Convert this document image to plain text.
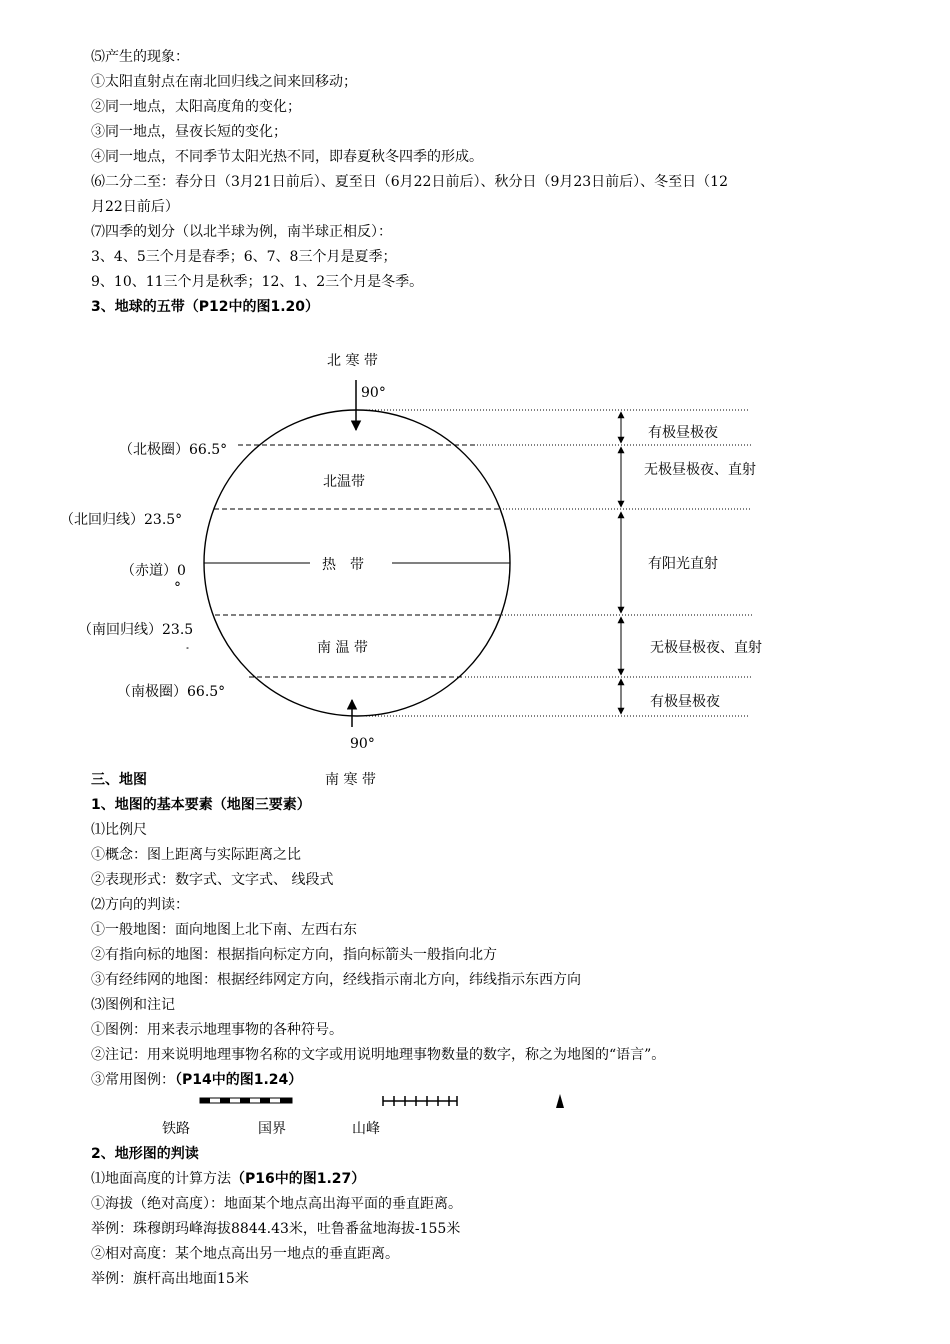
⑸产生的现象：
①太阳直射点在南北回归线之间来回移动；
②同一地点，太阳高度角的变化；
③同一地点，昼夜长短的变化；
④同一地点，不同季节太阳光热不同，即春夏秋冬四季的形成。
⑹二分二至：春分日（3月21日前后）、夏至日（6月22日前后）、秋分日（9月23日前后）、冬至日（12
月22日前后）
⑺四季的划分（以北半球为例，南半球正相反）：
3、4、5三个月是春季；6、7、8三个月是夏季；
9、10、11三个月是秋季；12、1、2三个月是冬季。
3、地球的五带（P12中的图1.20）
北 寒 带
90°
（北极圈）66.5°
（北回归线）23.5°
（赤道）0
°
（南回归线）23.5
°
（南极圈）66.5°
北温带
热　带
南 温 带
90°
有极昼极夜
无极昼极夜、直射
有阳光直射
无极昼极夜、直射
有极昼极夜
三、地图	南 寒 带
1、地图的基本要素（地图三要素）
⑴比例尺
①概念：图上距离与实际距离之比
②表现形式：数字式、文字式、 线段式
⑵方向的判读：
①一般地图：面向地图上北下南、左西右东
②有指向标的地图：根据指向标定方向，指向标箭头一般指向北方
③有经纬网的地图：根据经纬网定方向，经线指示南北方向，纬线指示东西方向
⑶图例和注记
①图例：用来表示地理事物的各种符号。
②注记：用来说明地理事物名称的文字或用说明地理事物数量的数字，称之为地图的“语言”。
③常用图例：（P14中的图1.24）
铁路	国界	山峰
2、地形图的判读
⑴地面高度的计算方法（P16中的图1.27）
①海拔（绝对高度）：地面某个地点高出海平面的垂直距离。
举例：珠穆朗玛峰海拔8844.43米，吐鲁番盆地海拔-155米
②相对高度：某个地点高出另一地点的垂直距离。
举例：旗杆高出地面15米
